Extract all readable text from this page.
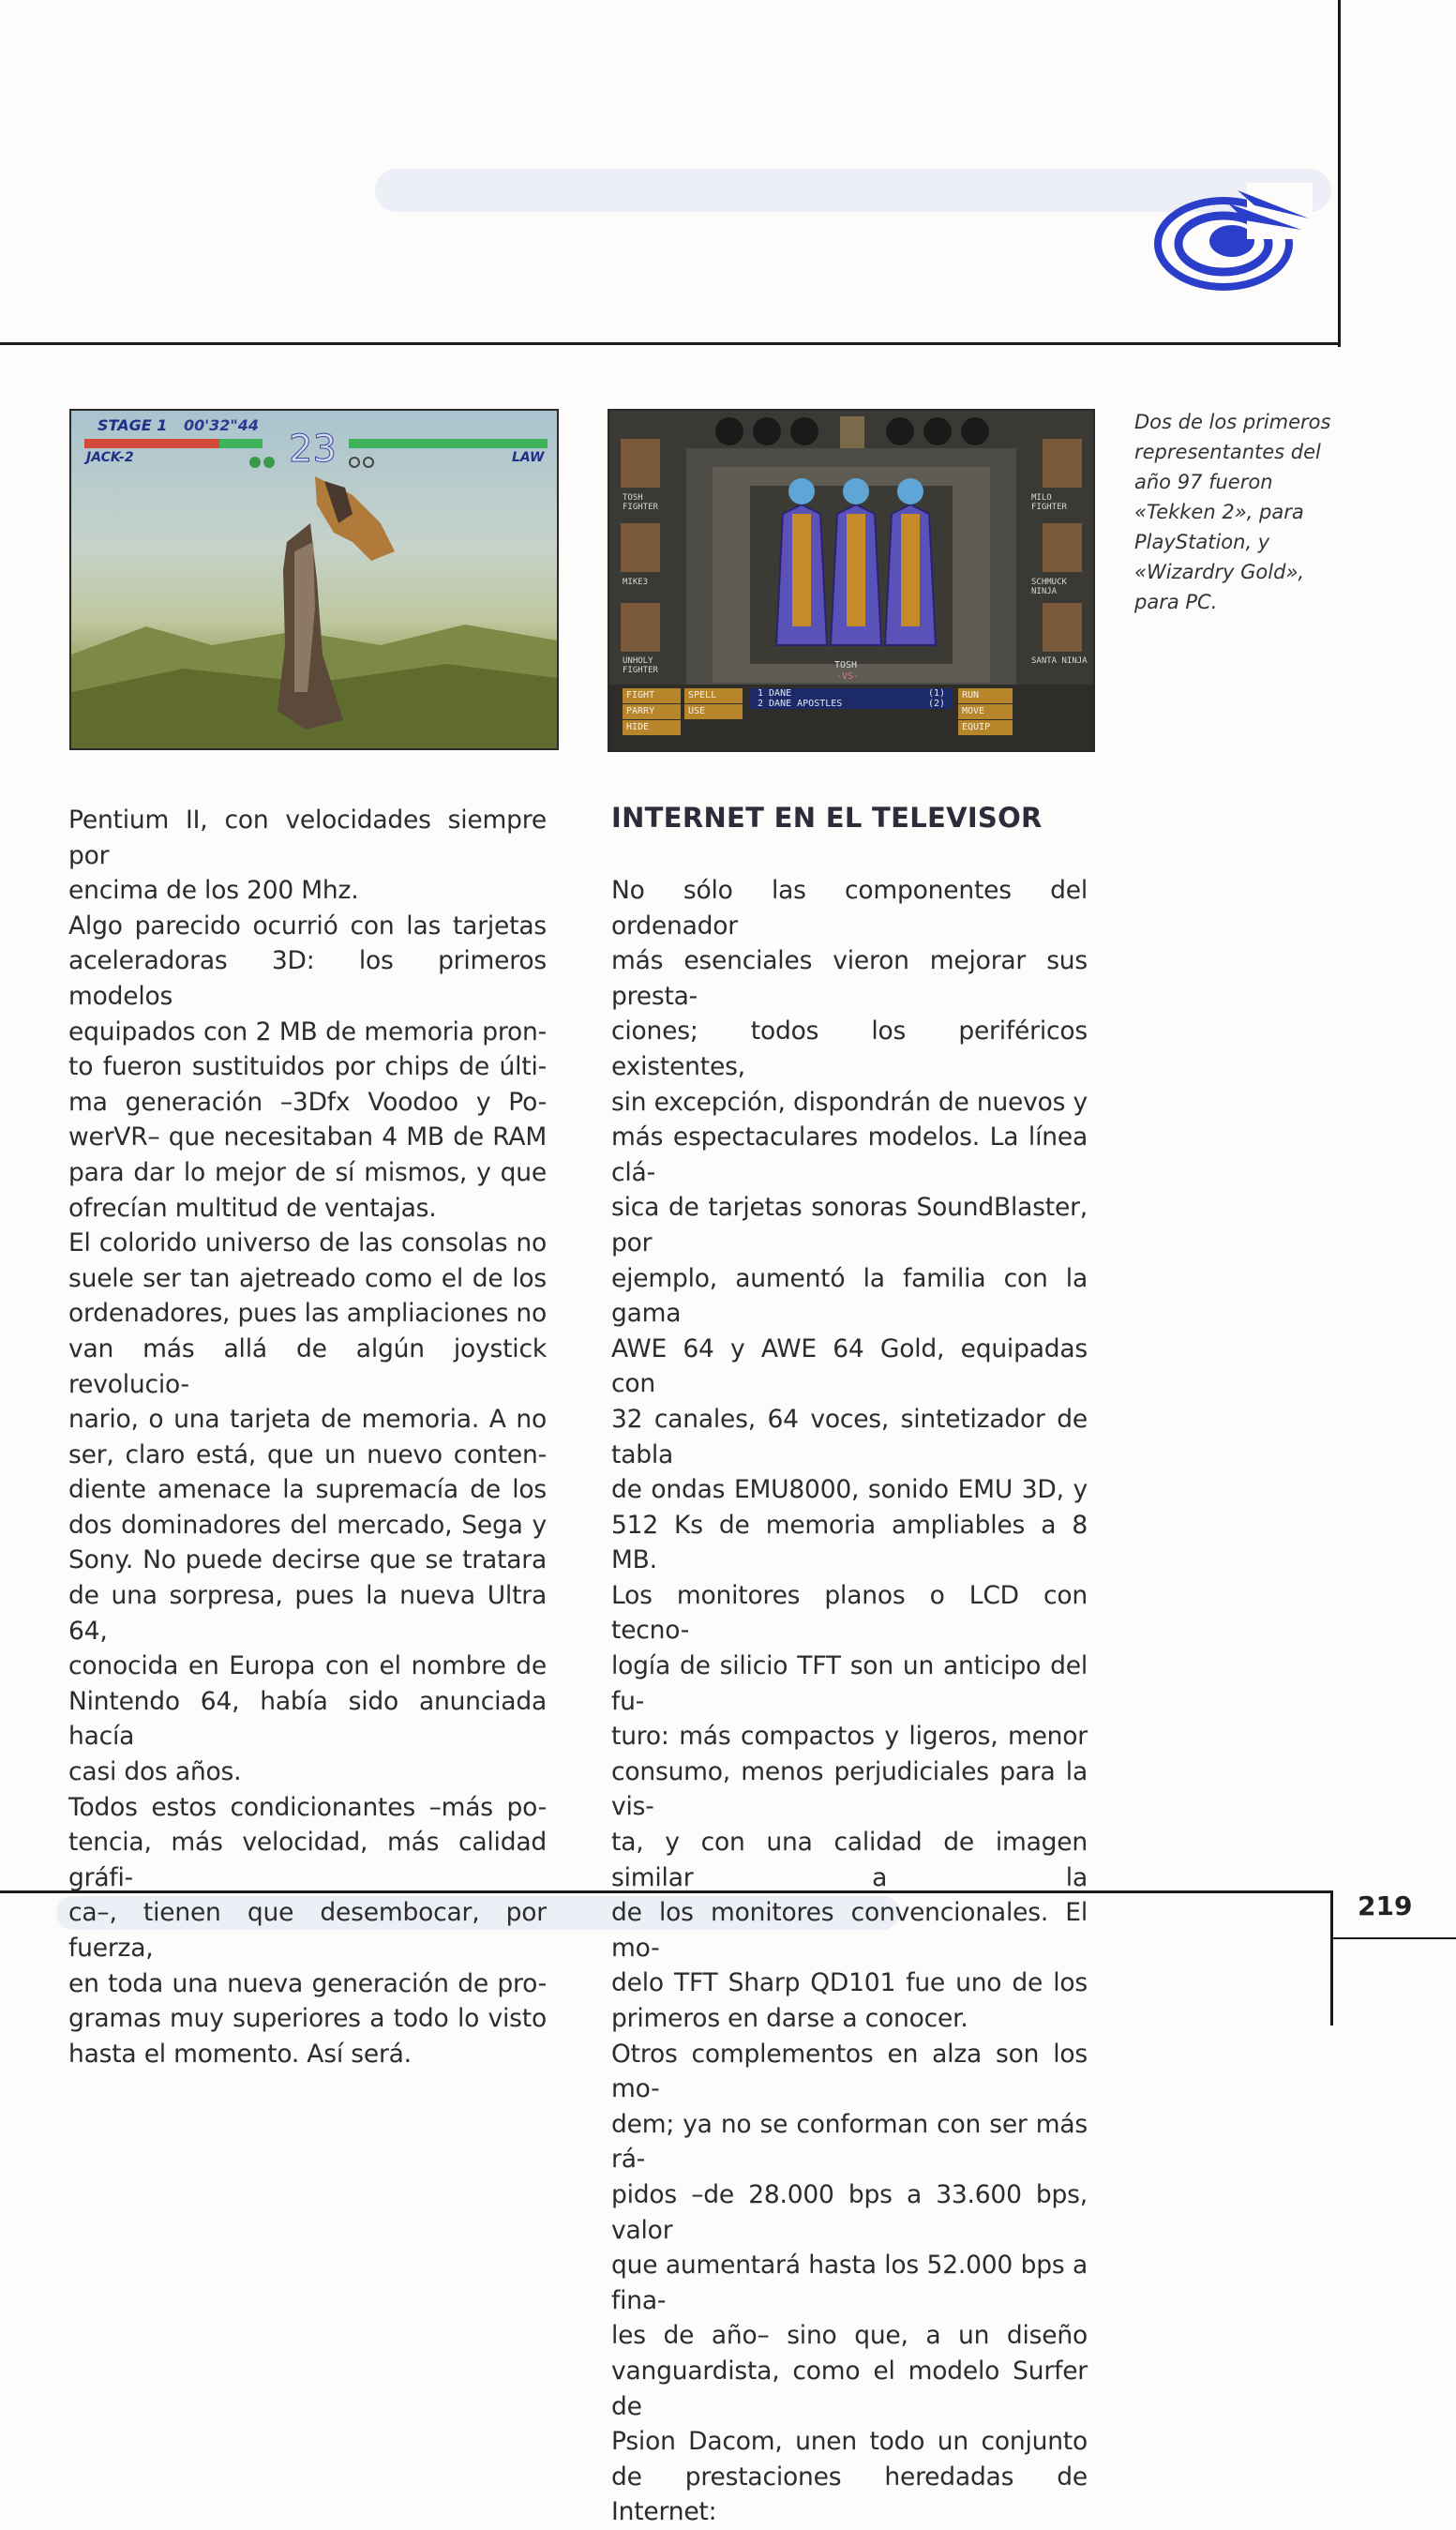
STAGE 1 00'32"44
23
JACK-2	LAW
TOSH FIGHTER
MIKE3
UNHOLY FIGHTER
MILO FIGHTER
SCHMUCK NINJA
SANTA NINJA
TOSH
-VS-
1 DANE
2 DANE APOSTLES
(1)
(2)
FIGHT
PARRY
HIDE
SPELL
USE
RUN
MOVE
EQUIP
Dos de los primeros
representantes del
año 97 fueron
«Tekken 2», para
PlayStation, y
«Wizardry Gold»,
para PC.
Pentium II, con velocidades siempre por
encima de los 200 Mhz.
Algo parecido ocurrió con las tarjetas
aceleradoras 3D: los primeros modelos
equipados con 2 MB de memoria pron-
to fueron sustituidos por chips de últi-
ma generación –3Dfx Voodoo y Po-
werVR– que necesitaban 4 MB de RAM
para dar lo mejor de sí mismos, y que
ofrecían multitud de ventajas.
El colorido universo de las consolas no
suele ser tan ajetreado como el de los
ordenadores, pues las ampliaciones no
van más allá de algún joystick revolucio-
nario, o una tarjeta de memoria. A no
ser, claro está, que un nuevo conten-
diente amenace la supremacía de los
dos dominadores del mercado, Sega y
Sony. No puede decirse que se tratara
de una sorpresa, pues la nueva Ultra 64,
conocida en Europa con el nombre de
Nintendo 64, había sido anunciada hacía
casi dos años.
Todos estos condicionantes –más po-
tencia, más velocidad, más calidad gráfi-
ca–, tienen que desembocar, por fuerza,
en toda una nueva generación de pro-
gramas muy superiores a todo lo visto
hasta el momento. Así será.
INTERNET EN EL TELEVISOR
No sólo las componentes del ordenador
más esenciales vieron mejorar sus presta-
ciones; todos los periféricos existentes,
sin excepción, dispondrán de nuevos y
más espectaculares modelos. La línea clá-
sica de tarjetas sonoras SoundBlaster, por
ejemplo, aumentó la familia con la gama
AWE 64 y AWE 64 Gold, equipadas con
32 canales, 64 voces, sintetizador de tabla
de ondas EMU8000, sonido EMU 3D, y
512 Ks de memoria ampliables a 8 MB.
Los monitores planos o LCD con tecno-
logía de silicio TFT son un anticipo del fu-
turo: más compactos y ligeros, menor
consumo, menos perjudiciales para la vis-
ta, y con una calidad de imagen similar a la
de los monitores convencionales. El mo-
delo TFT Sharp QD101 fue uno de los
primeros en darse a conocer.
Otros complementos en alza son los mo-
dem; ya no se conforman con ser más rá-
pidos –de 28.000 bps a 33.600 bps, valor
que aumentará hasta los 52.000 bps a fina-
les de año– sino que, a un diseño
vanguardista, como el modelo Surfer de
Psion Dacom, unen todo un conjunto
de prestaciones heredadas de Internet:
219
